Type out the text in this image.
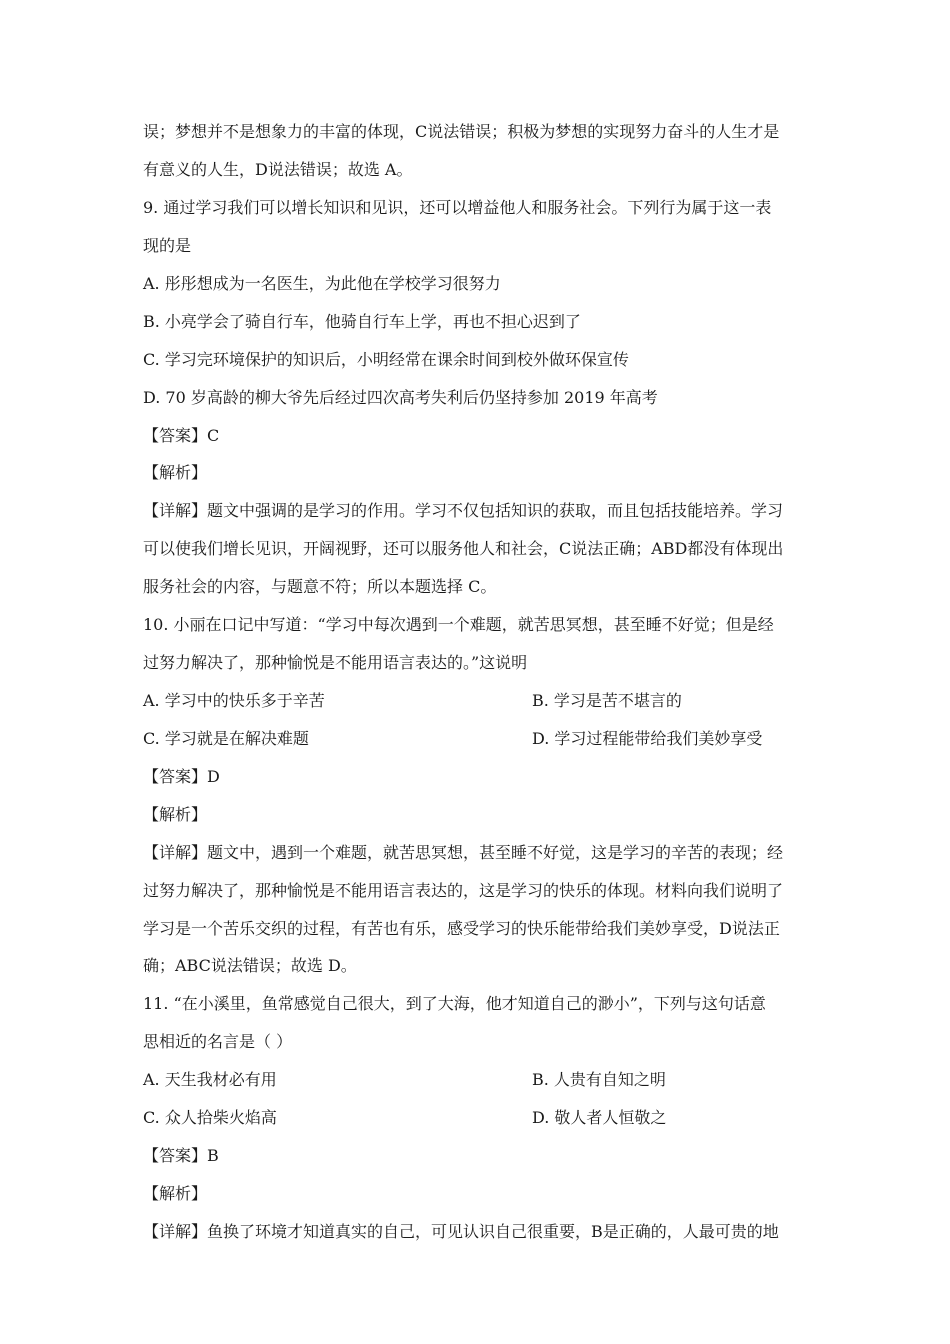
误；梦想并不是想象力的丰富的体现，C说法错误；积极为梦想的实现努力奋斗的人生才是
有意义的人生，D说法错误；故选 A。
9. 通过学习我们可以增长知识和见识，还可以增益他人和服务社会。下列行为属于这一表
现的是
A. 彤彤想成为一名医生，为此他在学校学习很努力
B. 小亮学会了骑自行车，他骑自行车上学，再也不担心迟到了
C. 学习完环境保护的知识后，小明经常在课余时间到校外做环保宣传
D. 70 岁高龄的柳大爷先后经过四次高考失利后仍坚持参加 2019 年高考
【答案】C
【解析】
【详解】题文中强调的是学习的作用。学习不仅包括知识的获取，而且包括技能培养。学习
可以使我们增长见识，开阔视野，还可以服务他人和社会，C说法正确；ABD都没有体现出
服务社会的内容，与题意不符；所以本题选择 C。
10. 小丽在口记中写道：“学习中每次遇到一个难题，就苦思冥想，甚至睡不好觉；但是经
过努力解决了，那种愉悦是不能用语言表达的。”这说明
A. 学习中的快乐多于辛苦	B. 学习是苦不堪言的
C. 学习就是在解决难题	D. 学习过程能带给我们美妙享受
【答案】D
【解析】
【详解】题文中，遇到一个难题，就苦思冥想，甚至睡不好觉，这是学习的辛苦的表现；经
过努力解决了，那种愉悦是不能用语言表达的，这是学习的快乐的体现。材料向我们说明了
学习是一个苦乐交织的过程，有苦也有乐，感受学习的快乐能带给我们美妙享受，D说法正
确；ABC说法错误；故选 D。
11. “在小溪里，鱼常感觉自己很大，到了大海，他才知道自己的渺小”，下列与这句话意
思相近的名言是（ ）
A. 天生我材必有用	B. 人贵有自知之明
C. 众人拾柴火焰高	D. 敬人者人恒敬之
【答案】B
【解析】
【详解】鱼换了环境才知道真实的自己，可见认识自己很重要，B是正确的，人最可贵的地
